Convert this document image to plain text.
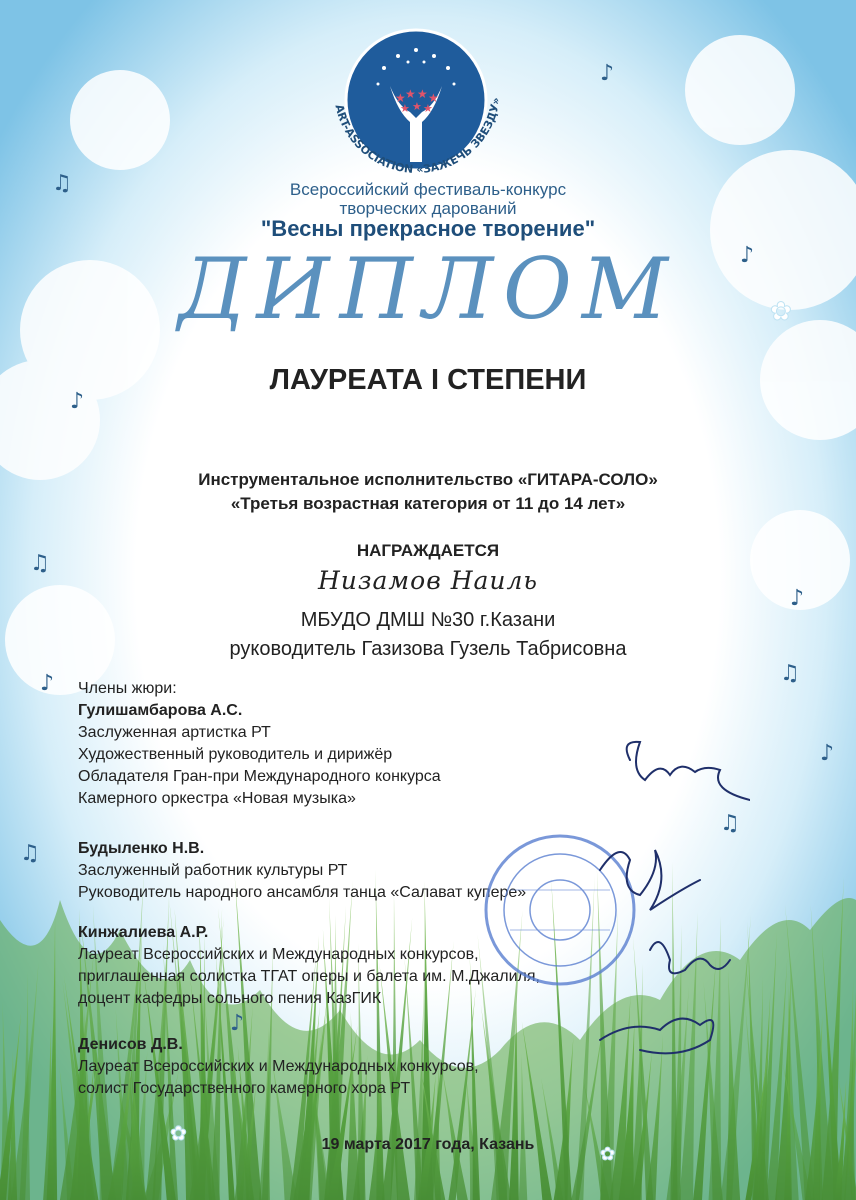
♫
♪
♪
♫
♪
♪
♫
♪
♫
♪
♫
♪
✿
✿
✿
★ ★ ★ ★
★ ★ ★
ART-ASSOCIATION «ЗАЖЕЧЬ ЗВЕЗДУ»
Всероссийский фестиваль-конкурс
творческих дарований
"Весны прекрасное творение"
ДИПЛОМ
ЛАУРЕАТА I СТЕПЕНИ
Инструментальное исполнительство «ГИТАРА-СОЛО»
«Третья возрастная категория от 11 до 14 лет»
НАГРАЖДАЕТСЯ
Низамов Наиль
МБУДО ДМШ №30 г.Казани
руководитель Газизова Гузель Табрисовна
Члены жюри:
Гулишамбарова А.С.
Заслуженная артистка РТ
Художественный руководитель и дирижёр
Обладателя Гран-при Международного конкурса
Камерного оркестра «Новая музыка»
Будыленко Н.В.
Заслуженный работник культуры РТ
Руководитель народного ансамбля танца «Салават купере»
Кинжалиева А.Р.
Лауреат Всероссийских и Международных конкурсов,
приглашенная солистка ТГАТ оперы и балета им. М.Джалиля,
доцент кафедры сольного пения КазГИК
Денисов Д.В.
Лауреат Всероссийских и Международных конкурсов,
солист Государственного камерного хора РТ
19 марта 2017 года, Казань
